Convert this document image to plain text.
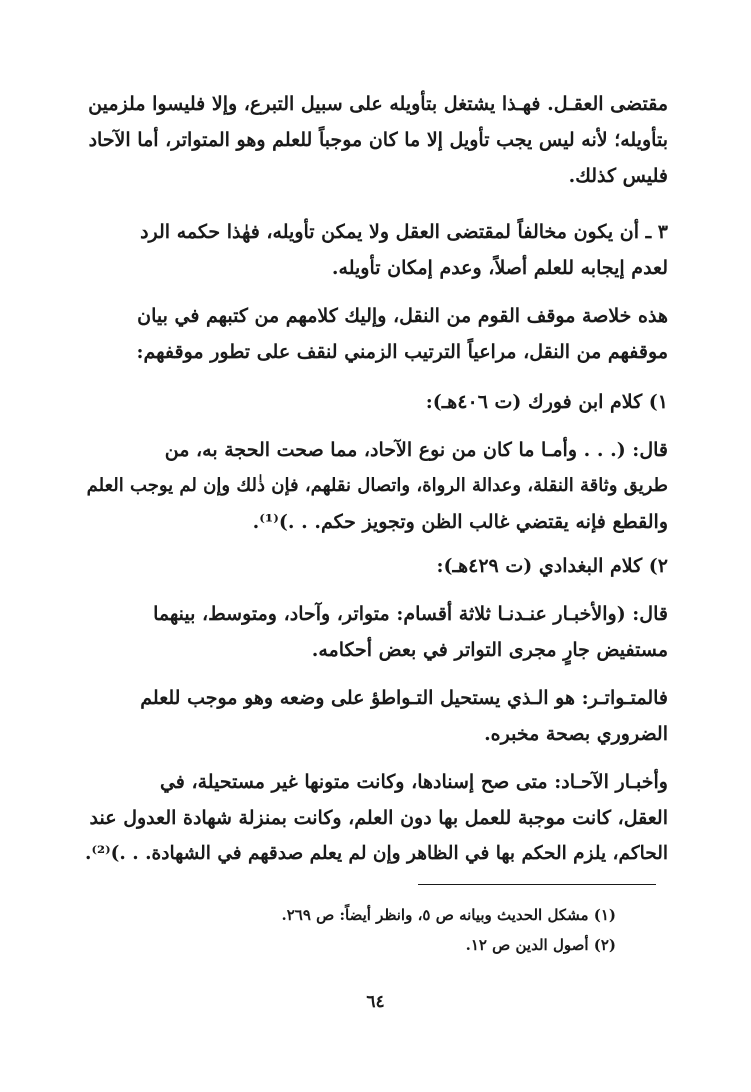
مقتضى العقـل. فهـذا يشتغل بتأويله على سبيل التبرع، وإلا فليسوا ملزمين
بتأويله؛ لأنه ليس يجب تأويل إلا ما كان موجباً للعلم وهو المتواتر، أما الآحاد
فليس كذلك.
٣ ـ أن يكون مخالفاً لمقتضى العقل ولا يمكن تأويله، فهٰذا حكمه الرد
لعدم إيجابه للعلم أصلاً، وعدم إمكان تأويله.
هذه خلاصة موقف القوم من النقل، وإليك كلامهم من كتبهم في بيان
موقفهم من النقل، مراعياً الترتيب الزمني لنقف على تطور موقفهم:
١) كلام ابن فورك (ت ٤٠٦هـ):
قال: (. . . وأمـا ما كان من نوع الآحاد، مما صحت الحجة به، من
طريق وثاقة النقلة، وعدالة الرواة، واتصال نقلهم، فإن ذٰلك وإن لم يوجب العلم
والقطع فإنه يقتضي غالب الظن وتجويز حكم. . .)⁽¹⁾.
٢) كلام البغدادي (ت ٤٢٩هـ):
قال: (والأخبـار عنـدنـا ثلاثة أقسام: متواتر، وآحاد، ومتوسط، بينهما
مستفيض جارٍ مجرى التواتر في بعض أحكامه.
فالمتـواتـر: هو الـذي يستحيل التـواطؤ على وضعه وهو موجب للعلم
الضروري بصحة مخبره.
وأخبـار الآحـاد: متى صح إسنادها، وكانت متونها غير مستحيلة، في
العقل، كانت موجبة للعمل بها دون العلم، وكانت بمنزلة شهادة العدول عند
الحاكم، يلزم الحكم بها في الظاهر وإن لم يعلم صدقهم في الشهادة. . .)⁽²⁾.
(١) مشكل الحديث وبيانه ص ٥، وانظر أيضاً: ص ٢٦٩.
(٢) أصول الدين ص ١٢.
٦٤
